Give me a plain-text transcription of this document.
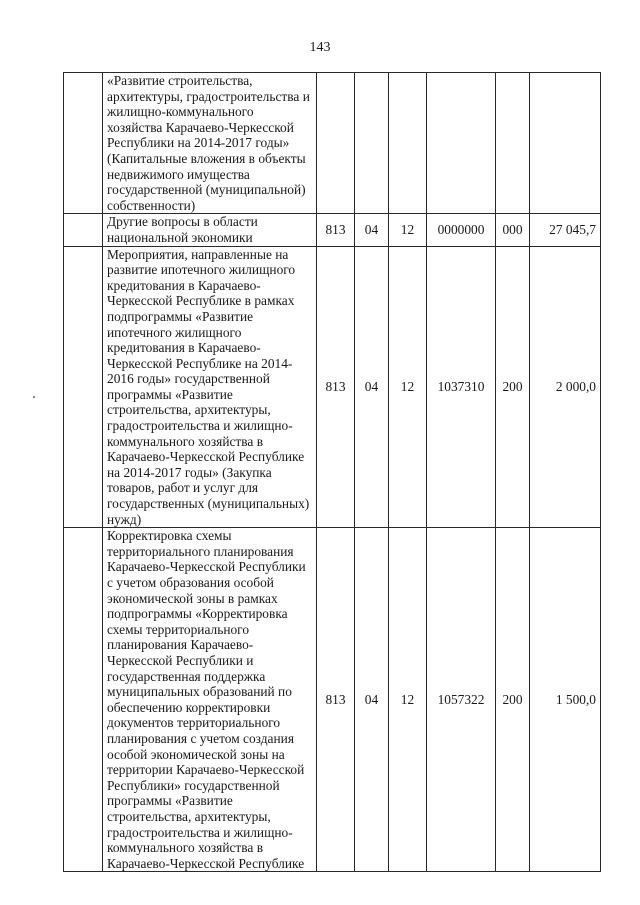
143
	«Развитие строительства, архитектуры, градостроительства и жилищно-коммунального хозяйства Карачаево-Черкесской Республики на 2014-2017 годы» (Капитальные вложения в объекты недвижимого имущества государственной (муниципальной) собственности)						
	Другие вопросы в области национальной экономики	813	04	12	0000000	000	27 045,7
	Мероприятия, направленные на развитие ипотечного жилищного кредитования в Карачаево-Черкесской Республике в рамках подпрограммы «Развитие ипотечного жилищного кредитования в Карачаево-Черкесской Республике на 2014-2016 годы» государственной программы «Развитие строительства, архитектуры, градостроительства и жилищно-коммунального хозяйства в Карачаево-Черкесской Республике на 2014-2017 годы» (Закупка товаров, работ и услуг для государственных (муниципальных) нужд)	813	04	12	1037310	200	2 000,0
	Корректировка схемы территориального планирования Карачаево-Черкесской Республики с учетом образования особой экономической зоны в рамках подпрограммы «Корректировка схемы территориального планирования Карачаево-Черкесской Республики и государственная поддержка муниципальных образований по обеспечению корректировки документов территориального планирования с учетом создания особой экономической зоны на территории Карачаево-Черкесской Республики» государственной программы «Развитие строительства, архитектуры, градостроительства и жилищно-коммунального хозяйства в Карачаево-Черкесской Республике	813	04	12	1057322	200	1 500,0
